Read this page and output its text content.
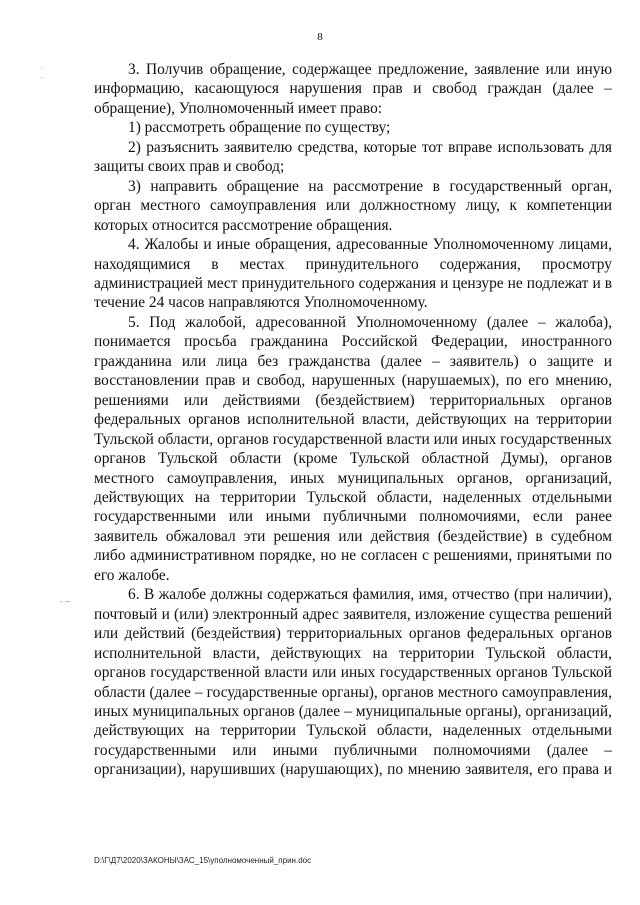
8

3. Получив обращение, содержащее предложение, заявление или иную информацию, касающуюся нарушения прав и свобод граждан (далее – обращение), Уполномоченный имеет право:

1) рассмотреть обращение по существу;

2) разъяснить заявителю средства, которые тот вправе использовать для защиты своих прав и свобод;

3) направить обращение на рассмотрение в государственный орган, орган местного самоуправления или должностному лицу, к компетенции которых относится рассмотрение обращения.

4. Жалобы и иные обращения, адресованные Уполномоченному лицами, находящимися в местах принудительного содержания, просмотру администрацией мест принудительного содержания и цензуре не подлежат и в течение 24 часов направляются Уполномоченному.

5. Под жалобой, адресованной Уполномоченному (далее – жалоба), понимается просьба гражданина Российской Федерации, иностранного гражданина или лица без гражданства (далее – заявитель) о защите и восстановлении прав и свобод, нарушенных (нарушаемых), по его мнению, решениями или действиями (бездействием) территориальных органов федеральных органов исполнительной власти, действующих на территории Тульской области, органов государственной власти или иных государственных органов Тульской области (кроме Тульской областной Думы), органов местного самоуправления, иных муниципальных органов, организаций, действующих на территории Тульской области, наделенных отдельными государственными или иными публичными полномочиями, если ранее заявитель обжаловал эти решения или действия (бездействие) в судебном либо административном порядке, но не согласен с решениями, принятыми по его жалобе.

6. В жалобе должны содержаться фамилия, имя, отчество (при наличии), почтовый и (или) электронный адрес заявителя, изложение существа решений или действий (бездействия) территориальных органов федеральных органов исполнительной власти, действующих на территории Тульской области, органов государственной власти или иных государственных органов Тульской области (далее – государственные органы), органов местного самоуправления, иных муниципальных органов (далее – муниципальные органы), организаций, действующих на территории Тульской области, наделенных отдельными государственными или иными публичными полномочиями (далее – организации), нарушивших (нарушающих), по мнению заявителя, его права и

D:\Г\Д7\2020\ЗАКОНЫ\ЗАС_15\уполномоченный_прин.doc
·
·
- --
